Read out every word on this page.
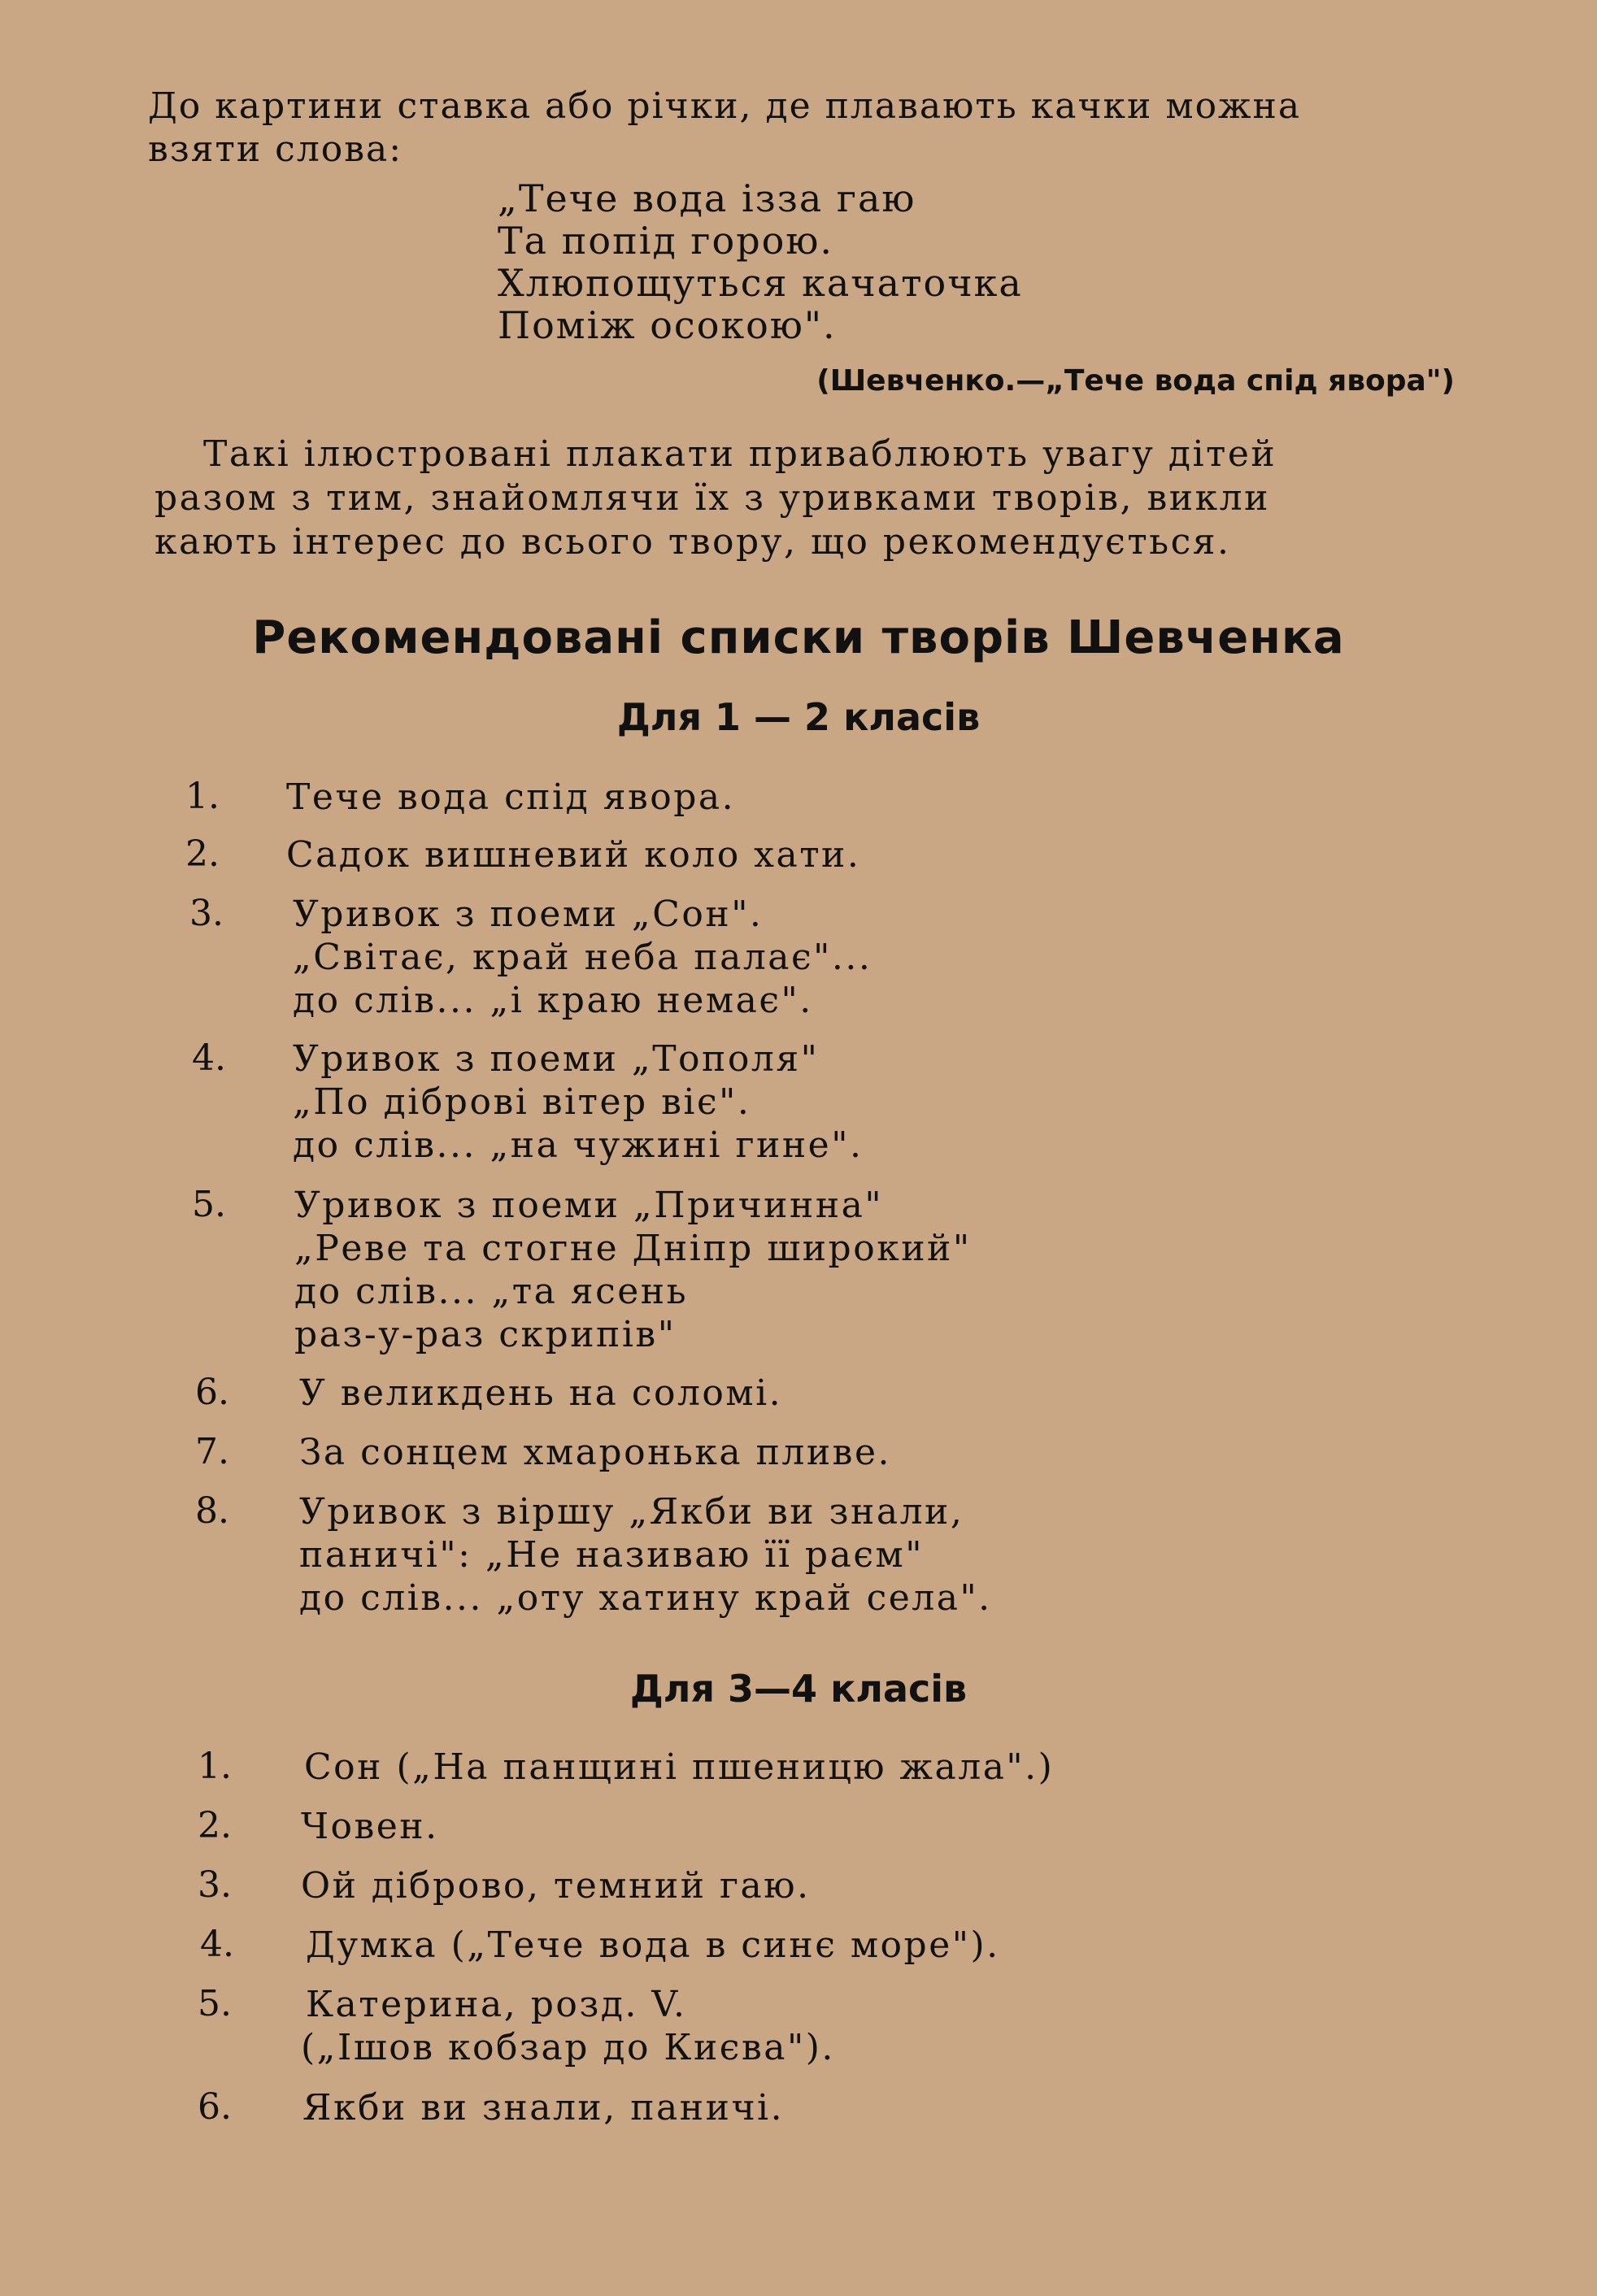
До картини ставка або річки, де плавають качки можна
взяти слова:
„Тече вода ізза гаю
Та попід горою.
Хлюпощуться качаточка
Поміж осокою".
(Шевченко.—„Тече вода спід явора")
Такі ілюстровані плакати приваблюють увагу дітей
разом з тим, знайомлячи їх з уривками творів, викли
кають інтерес до всього твору, що рекомендується.
Рекомендовані списки творів Шевченка
Для 1 — 2 класів
1. Тече вода спід явора.
2. Садок вишневий коло хати.
3. Уривок з поеми „Сон".
„Світає, край неба палає"...
до слів... „і краю немає".
4. Уривок з поеми „Тополя"
„По діброві вітер віє".
до слів... „на чужині гине".
5. Уривок з поеми „Причинна"
„Реве та стогне Дніпр широкий"
до слів... „та ясень
раз-у-раз скрипів"
6. У великдень на соломі.
7. За сонцем хмаронька пливе.
8. Уривок з віршу „Якби ви знали,
паничі": „Не називаю її раєм"
до слів... „оту хатину край села".
Для 3—4 класів
1. Сон („На панщині пшеницю жала".)
2. Човен.
3. Ой діброво, темний гаю.
4. Думка („Тече вода в синє море").
5. Катерина, розд. V.
(„Ішов кобзар до Києва").
6. Якби ви знали, паничі.
